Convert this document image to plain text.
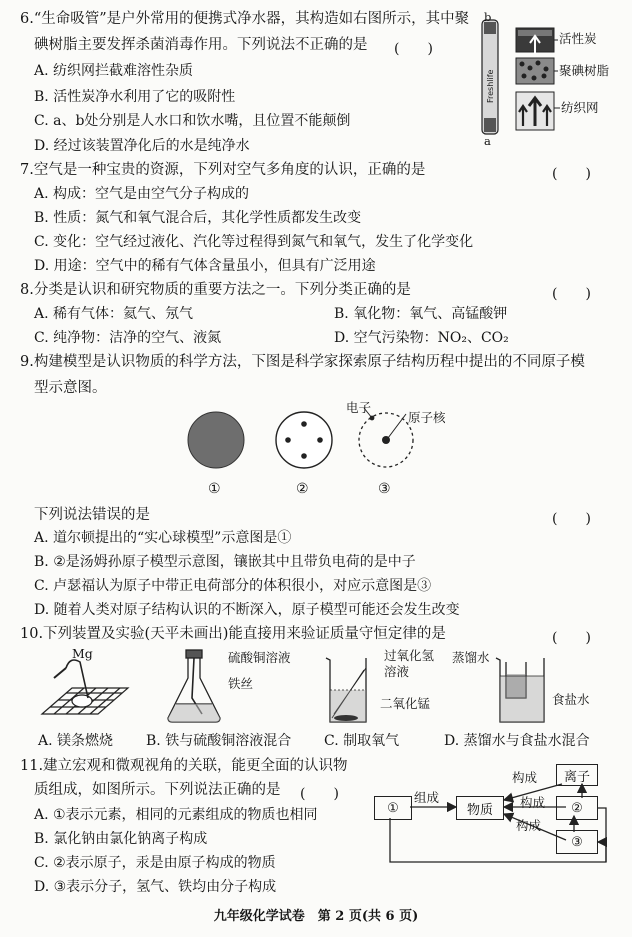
6.“生命吸管”是户外常用的便携式净水器，其构造如右图所示，其中聚
碘树脂主要发挥杀菌消毒作用。下列说法不正确的是 (　　)
A. 纺织网拦截难溶性杂质
B. 活性炭净水利用了它的吸附性
C. a、b处分别是人水口和饮水嘴，且位置不能颠倒
D. 经过该装置净化后的水是纯净水
Freshlife
b
a
活性炭
聚碘树脂
纺织网
7.空气是一种宝贵的资源，下列对空气多角度的认识，正确的是	(　　)
A. 构成：空气是由空气分子构成的
B. 性质：氮气和氧气混合后，其化学性质都发生改变
C. 变化：空气经过液化、汽化等过程得到氮气和氧气，发生了化学变化
D. 用途：空气中的稀有气体含量虽小，但具有广泛用途
8.分类是认识和研究物质的重要方法之一。下列分类正确的是	(　　)
A. 稀有气体：氦气、氖气	B. 氧化物：氧气、高锰酸钾
C. 纯净物：洁净的空气、液氮	D. 空气污染物：NO₂、CO₂
9.构建模型是认识物质的科学方法，下图是科学家探索原子结构历程中提出的不同原子模
型示意图。
电子
原子核
①	②	③
下列说法错误的是	(　　)
A. 道尔顿提出的“实心球模型”示意图是①
B. ②是汤姆孙原子模型示意图，镶嵌其中且带负电荷的是中子
C. 卢瑟福认为原子中带正电荷部分的体积很小，对应示意图是③
D. 随着人类对原子结构认识的不断深入，原子模型可能还会发生改变
10.下列装置及实验(天平未画出)能直接用来验证质量守恒定律的是	(　　)
Mg	硫酸铜溶液
铁丝
过氧化氢
溶液
二氧化锰
蒸馏水
食盐水
A. 镁条燃烧 B. 铁与硫酸铜溶液混合 C. 制取氧气	D. 蒸馏水与食盐水混合
11.建立宏观和微观视角的关联，能更全面的认识物
质组成，如图所示。下列说法正确的是 (　　)
A. ①表示元素，相同的元素组成的物质也相同
B. 氯化钠由氯化钠离子构成
C. ②表示原子，汞是由原子构成的物质
D. ③表示分子，氢气、铁均由分子构成
①	物质
离子
②
③
组成
构成
构成
构成
九年级化学试卷　第 2 页(共 6 页)
